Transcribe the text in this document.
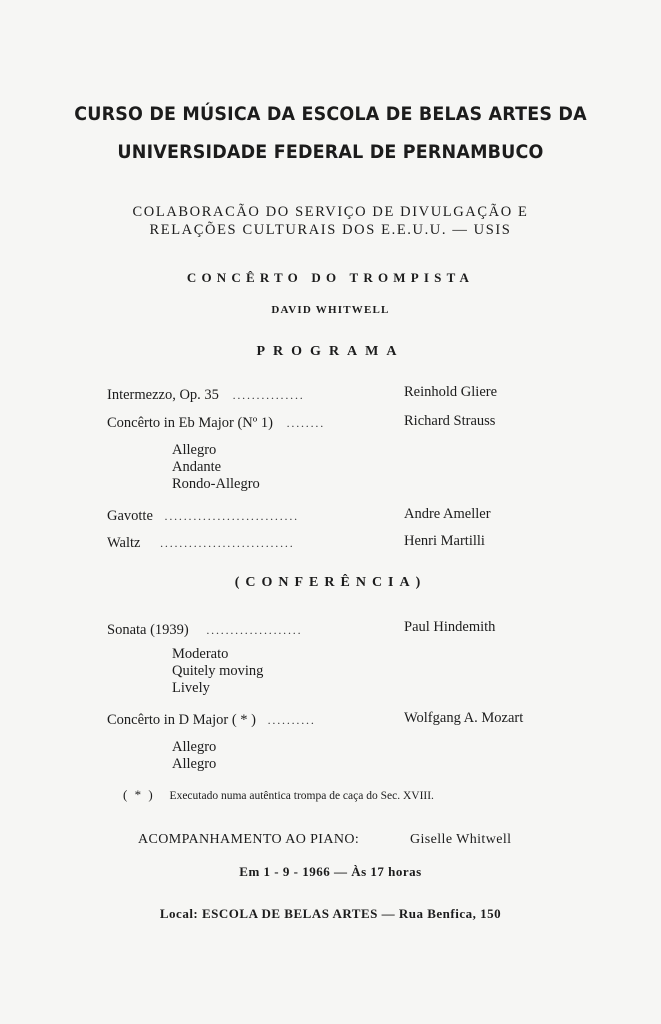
CURSO DE MÚSICA DA ESCOLA DE BELAS ARTES DA
UNIVERSIDADE FEDERAL DE PERNAMBUCO
COLABORACÃO DO SERVIÇO DE DIVULGAÇÃO E
RELAÇÕES CULTURAIS DOS E.E.U.U. — USIS
CONCÊRTO DO TROMPISTA
DAVID WHITWELL
PROGRAMA
Intermezzo, Op. 35 ...............	Reinhold Gliere
Concêrto in Eb Major (Nº 1) ........	Richard Strauss
Allegro
Andante
Rondo-Allegro
Gavotte ............................	Andre Ameller
Waltz ............................	Henri Martilli
(CONFERÊNCIA)
Sonata (1939) ....................	Paul Hindemith
Moderato
Quitely moving
Lively
Concêrto in D Major ( * ) ..........	Wolfgang A. Mozart
Allegro
Allegro
( * ) Executado numa autêntica trompa de caça do Sec. XVIII.
ACOMPANHAMENTO AO PIANO:	Giselle Whitwell
Em 1 - 9 - 1966 — Às 17 horas
Local: ESCOLA DE BELAS ARTES — Rua Benfica, 150
